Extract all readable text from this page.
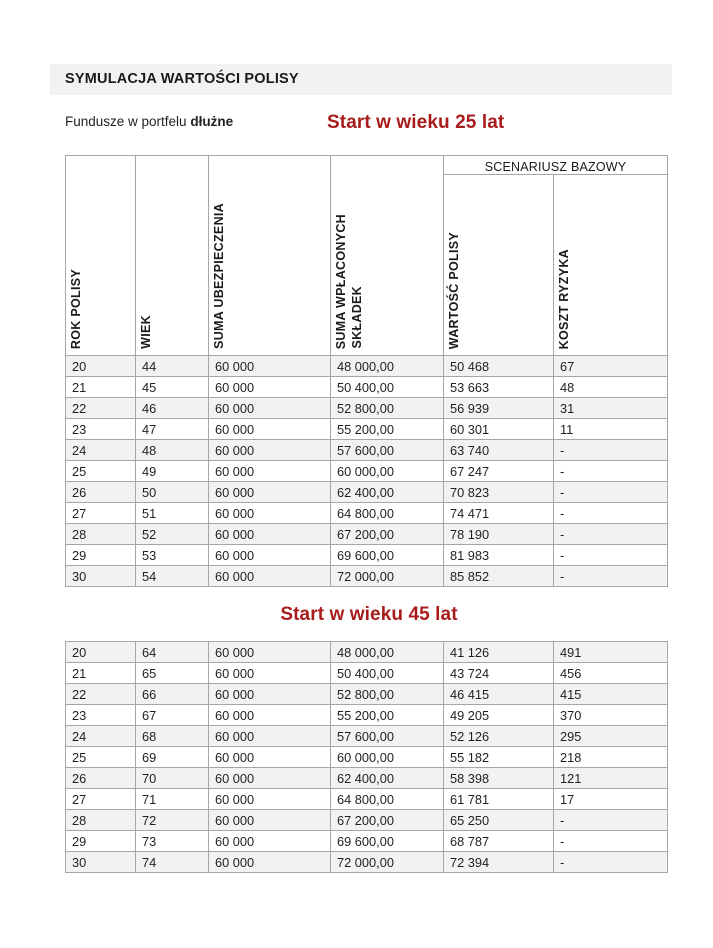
SYMULACJA WARTOŚCI POLISY
Fundusze w portfelu dłużne	Start w wieku 25 lat
				SCENARIUSZ BAZOWY	

ROK POLISY	WIEK	SUMA UBEZPIECZENIA	SUMA WPŁACONYCH SKŁADEK	WARTOŚĆ POLISY	KOSZT RYZYKA

20	44	60 000	48 000,00	50 468	67
21	45	60 000	50 400,00	53 663	48
22	46	60 000	52 800,00	56 939	31
23	47	60 000	55 200,00	60 301	11
24	48	60 000	57 600,00	63 740	-
25	49	60 000	60 000,00	67 247	-
26	50	60 000	62 400,00	70 823	-
27	51	60 000	64 800,00	74 471	-
28	52	60 000	67 200,00	78 190	-
29	53	60 000	69 600,00	81 983	-
30	54	60 000	72 000,00	85 852	-
Start w wieku 45 lat
20	64	60 000	48 000,00	41 126	491
21	65	60 000	50 400,00	43 724	456
22	66	60 000	52 800,00	46 415	415
23	67	60 000	55 200,00	49 205	370
24	68	60 000	57 600,00	52 126	295
25	69	60 000	60 000,00	55 182	218
26	70	60 000	62 400,00	58 398	121
27	71	60 000	64 800,00	61 781	17
28	72	60 000	67 200,00	65 250	-
29	73	60 000	69 600,00	68 787	-
30	74	60 000	72 000,00	72 394	-
